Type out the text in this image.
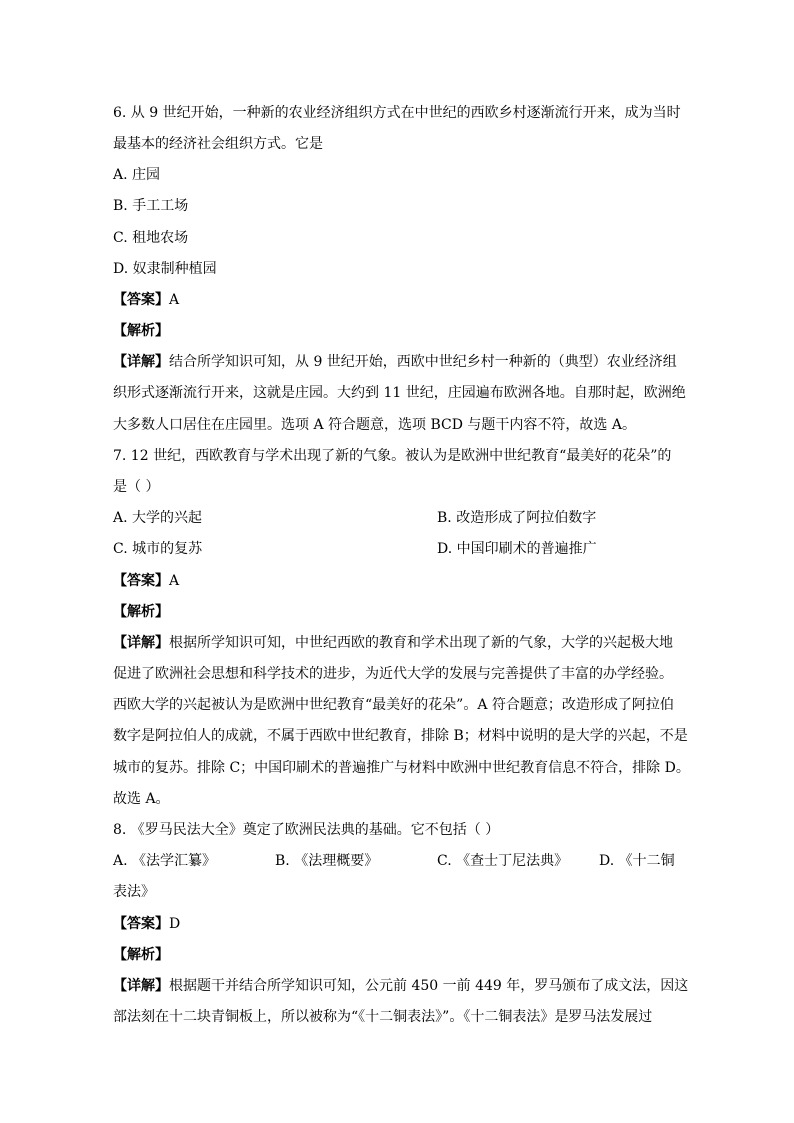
6. 从 9 世纪开始，一种新的农业经济组织方式在中世纪的西欧乡村逐渐流行开来，成为当时
最基本的经济社会组织方式。它是
A. 庄园
B. 手工工场
C. 租地农场
D. 奴隶制种植园
【答案】A
【解析】
【详解】结合所学知识可知，从 9 世纪开始，西欧中世纪乡村一种新的（典型）农业经济组
织形式逐渐流行开来，这就是庄园。大约到 11 世纪，庄园遍布欧洲各地。自那时起，欧洲绝
大多数人口居住在庄园里。选项 A 符合题意，选项 BCD 与题干内容不符，故选 A。
7. 12 世纪，西欧教育与学术出现了新的气象。被认为是欧洲中世纪教育“最美好的花朵”的
是（ ）
A. 大学的兴起	B. 改造形成了阿拉伯数字
C. 城市的复苏	D. 中国印刷术的普遍推广
【答案】A
【解析】
【详解】根据所学知识可知，中世纪西欧的教育和学术出现了新的气象，大学的兴起极大地
促进了欧洲社会思想和科学技术的进步，为近代大学的发展与完善提供了丰富的办学经验。
西欧大学的兴起被认为是欧洲中世纪教育“最美好的花朵”。A 符合题意；改造形成了阿拉伯
数字是阿拉伯人的成就，不属于西欧中世纪教育，排除 B；材料中说明的是大学的兴起，不是
城市的复苏。排除 C；中国印刷术的普遍推广与材料中欧洲中世纪教育信息不符合，排除 D。
故选 A。
8. 《罗马民法大全》奠定了欧洲民法典的基础。它不包括（ ）
A. 《法学汇纂》	B. 《法理概要》	C. 《查士丁尼法典》 D. 《十二铜
表法》
【答案】D
【解析】
【详解】根据题干并结合所学知识可知，公元前 450 一前 449 年，罗马颁布了成文法，因这
部法刻在十二块青铜板上，所以被称为“《十二铜表法》”。《十二铜表法》是罗马法发展过
